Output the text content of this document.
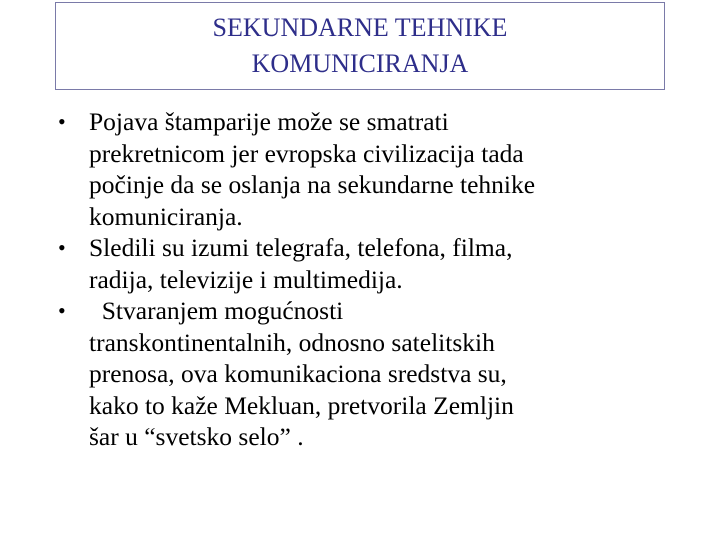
SEKUNDARNE TEHNIKE
KOMUNICIRANJA
• Pojava štamparije može se smatrati
prekretnicom jer evropska civilizacija tada
počinje da se oslanja na sekundarne tehnike
komuniciranja.
• Sledili su izumi telegrafa, telefona, filma,
radija, televizije i multimedija.
• Stvaranjem mogućnosti
transkontinentalnih, odnosno satelitskih
prenosa, ova komunikaciona sredstva su,
kako to kaže Mekluan, pretvorila Zemljin
šar u “svetsko selo” .
